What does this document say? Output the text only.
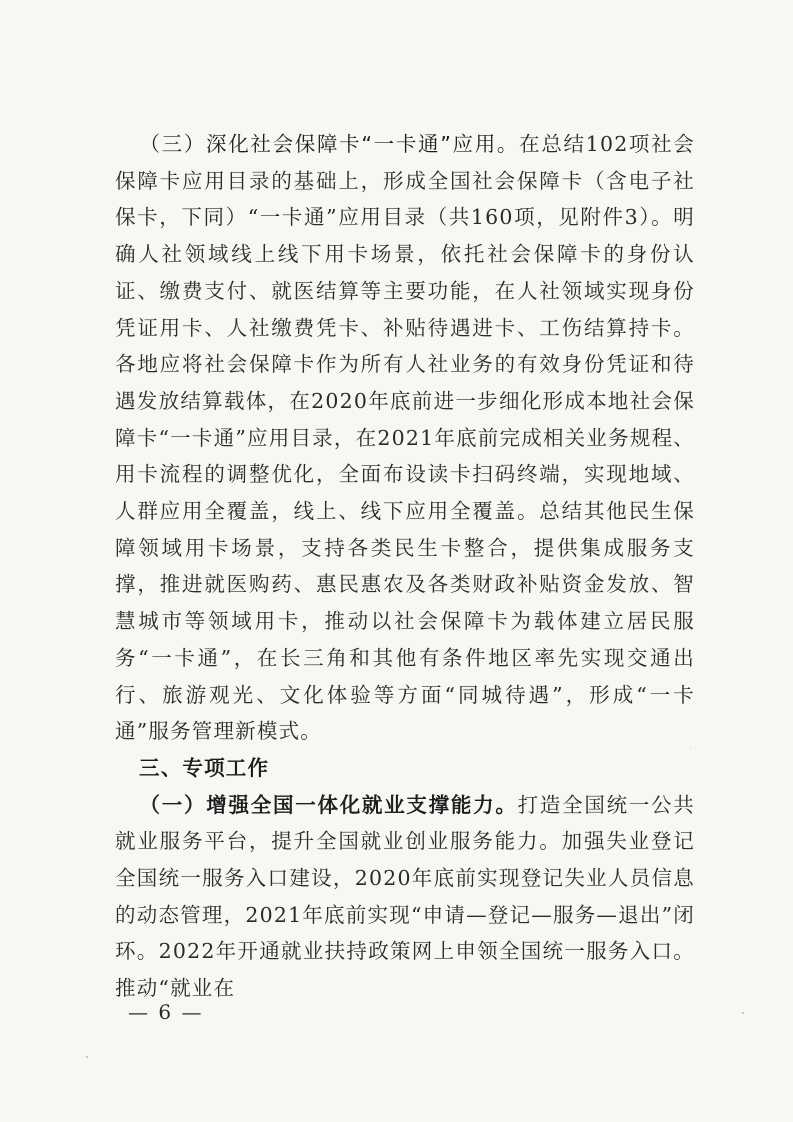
（三）深化社会保障卡“一卡通”应用。在总结102项社会保障卡应用目录的基础上，形成全国社会保障卡（含电子社保卡，下同）“一卡通”应用目录（共160项，见附件3）。明确人社领域线上线下用卡场景，依托社会保障卡的身份认证、缴费支付、就医结算等主要功能，在人社领域实现身份凭证用卡、人社缴费凭卡、补贴待遇进卡、工伤结算持卡。各地应将社会保障卡作为所有人社业务的有效身份凭证和待遇发放结算载体，在2020年底前进一步细化形成本地社会保障卡“一卡通”应用目录，在2021年底前完成相关业务规程、用卡流程的调整优化，全面布设读卡扫码终端，实现地域、人群应用全覆盖，线上、线下应用全覆盖。总结其他民生保障领域用卡场景，支持各类民生卡整合，提供集成服务支撑，推进就医购药、惠民惠农及各类财政补贴资金发放、智慧城市等领域用卡，推动以社会保障卡为载体建立居民服务“一卡通”，在长三角和其他有条件地区率先实现交通出行、旅游观光、文化体验等方面“同城待遇”，形成“一卡通”服务管理新模式。

三、专项工作

（一）增强全国一体化就业支撑能力。打造全国统一公共就业服务平台，提升全国就业创业服务能力。加强失业登记全国统一服务入口建设，2020年底前实现登记失业人员信息的动态管理，2021年底前实现“申请—登记—服务—退出”闭环。2022年开通就业扶持政策网上申领全国统一服务入口。推动“就业在

— 6 —
